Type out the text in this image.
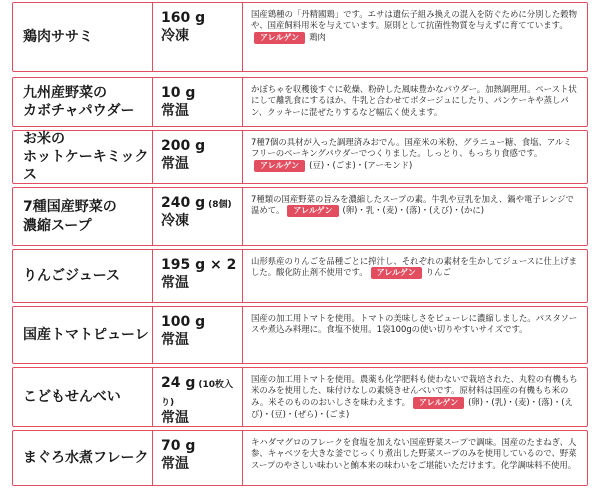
鶏肉ササミ
160 g
冷凍
国産鶏種の「丹精國鶏」です。エサは遺伝子組み換えの混入を防ぐために分別した穀物や、国産飼料用米を与えています。原則として抗菌性物質を与えずに育てています。アレルゲン 鶏肉
九州産野菜の
カボチャパウダー
10 g
常温
かぼちゃを収穫後すぐに乾燥、粉砕した風味豊かなパウダー。加熱調理用。ペースト状にして離乳食にするほか、牛乳と合わせてポタージュにしたり、パンケーキや蒸しパン、クッキーに混ぜたりするなど幅広く使えます。
お米の
ホットケーキミックス
200 g
常温
7種7個の具材が入った調理済みおでん。国産米の米粉、グラニュー糖、食塩、アルミフリーのベーキングパウダーでつくりました。しっとり、もっちり食感です。アレルゲン (豆)・(ごま)・(アーモンド)
7種国産野菜の
濃縮スープ
240 g (8個)
冷凍
7種類の国産野菜の旨みを濃縮したスープの素。牛乳や豆乳を加え、鍋や電子レンジで温めて。 アレルゲン (卵)・乳・(麦)・(落)・(えび)・(かに)
りんごジュース
195 g × 2
常温
山形県産のりんごを品種ごとに搾汁し、それぞれの素材を生かしてジュースに仕上げました。酸化防止剤不使用です。 アレルゲン りんご
国産トマトピューレ
100 g
常温
国産の加工用トマトを使用。トマトの美味しさをピューレに濃縮しました。パスタソースや煮込み料理に。食塩不使用。1袋100gの使い切りやすいサイズです。
こどもせんべい
24 g (10枚入り)
常温
国産の加工用トマトを使用。農薬も化学肥料も使わないで栽培された、丸粒の有機もち米のみを使用した、味付けなしの素焼きせんべいです。原材料は国産の有機もち米のみ。米そのもののおいしさを味わえます。 アレルゲン (卵)・(乳)・(麦)・(落)・(えび)・(豆)・(ぜら)・(ごま)
まぐろ水煮フレーク
70 g
常温
キハダマグロのフレークを食塩を加えない国産野菜スープで調味。国産のたまねぎ、人参、キャベツを大きな釜でじっくり煮出した野菜スープのみを使用しているので、野菜スープのやさしい味わいと鮪本来の味わいをご堪能いただけます。化学調味料不使用。
